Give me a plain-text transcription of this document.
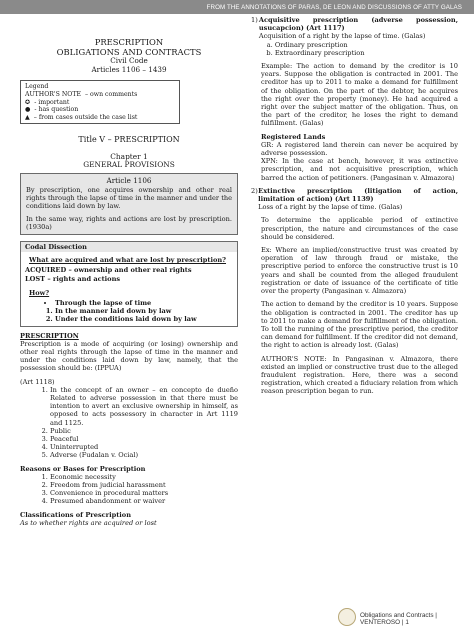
FROM THE ANNOTATIONS OF PARAS, DE LEON AND DISCUSSIONS OF ATTY GALAS
PRESCRIPTION
OBLIGATIONS AND CONTRACTS
Civil Code
Articles 1106 – 1439
Legend
AUTHOR'S NOTE – own comments
✪ - important
● - has question
▲ – from cases outside the case list
Title V – PRESCRIPTION
Chapter 1
GENERAL PROVISIONS
Article 1106
By prescription, one acquires ownership and other real rights through the lapse of time in the manner and under the conditions laid down by law.
In the same way, rights and actions are lost by prescription. (1930a)
Codal Dissection
What are acquired and what are lost by prescription?
ACQUIRED – ownership and other real rights
LOST – rights and actions
How?
• Through the lapse of time
1. In the manner laid down by law
2. Under the conditions laid down by law
PRESCRIPTION
Prescription is a mode of acquiring (or losing) ownership and other real rights through the lapse of time in the manner and under the conditions laid down by law, namely, that the possession should be: (IPPUA)
(Art 1118)
1. In the concept of an owner – en concepto de dueño Related to adverse possession in that there must be intention to avert an exclusive ownership in himself, as opposed to acts possessory in character in Art 1119 and 1125.
2. Public
3. Peaceful
4. Uninterrupted
5. Adverse (Fudalan v. Ocial)
Reasons or Bases for Prescription
1. Economic necessity
2. Freedom from judicial harassment
3. Convenience in procedural matters
4. Presumed abandonment or waiver
Classifications of Prescription
As to whether rights are acquired or lost
1) Acquisitive prescription (adverse possession, usucapcion) (Art 1117)
Acquisition of a right by the lapse of time. (Galas)
a. Ordinary prescription
b. Extraordinary prescription
Example: The action to demand by the creditor is 10 years. Suppose the obligation is contracted in 2001. The creditor has up to 2011 to make a demand for fulfillment of the obligation. On the part of the debtor, he acquires the right over the property (money). He had acquired a right over the subject matter of the obligation. Thus, on the part of the creditor, he loses the right to demand fulfillment. (Galas)
Registered Lands
GR: A registered land therein can never be acquired by adverse possession.
XPN: In the case at bench, however, it was extinctive prescription, and not acquisitive prescription, which barred the action of petitioners. (Pangasinan v. Almazora)
2) Extinctive prescription (litigation of action, limitation of action) (Art 1139)
Loss of a right by the lapse of time. (Galas)
To determine the applicable period of extinctive prescription, the nature and circumstances of the case should be considered.
Ex: Where an implied/constructive trust was created by operation of law through fraud or mistake, the prescriptive period to enforce the constructive trust is 10 years and shall be counted from the alleged fraudulent registration or date of issuance of the certificate of title over the property (Pangasinan v. Almazora)
The action to demand by the creditor is 10 years. Suppose the obligation is contracted in 2001. The creditor has up to 2011 to make a demand for fulfillment of the obligation. To toll the running of the prescriptive period, the creditor can demand for fulfillment. If the creditor did not demand, the right to action is already lost. (Galas)
AUTHOR'S NOTE: In Pangasinan v. Almazora, there existed an implied or constructive trust due to the alleged fraudulent registration. Here, there was a second registration, which created a fiduciary relation from which reason prescription began to run.
Obligations and Contracts | VENTEROSO | 1
